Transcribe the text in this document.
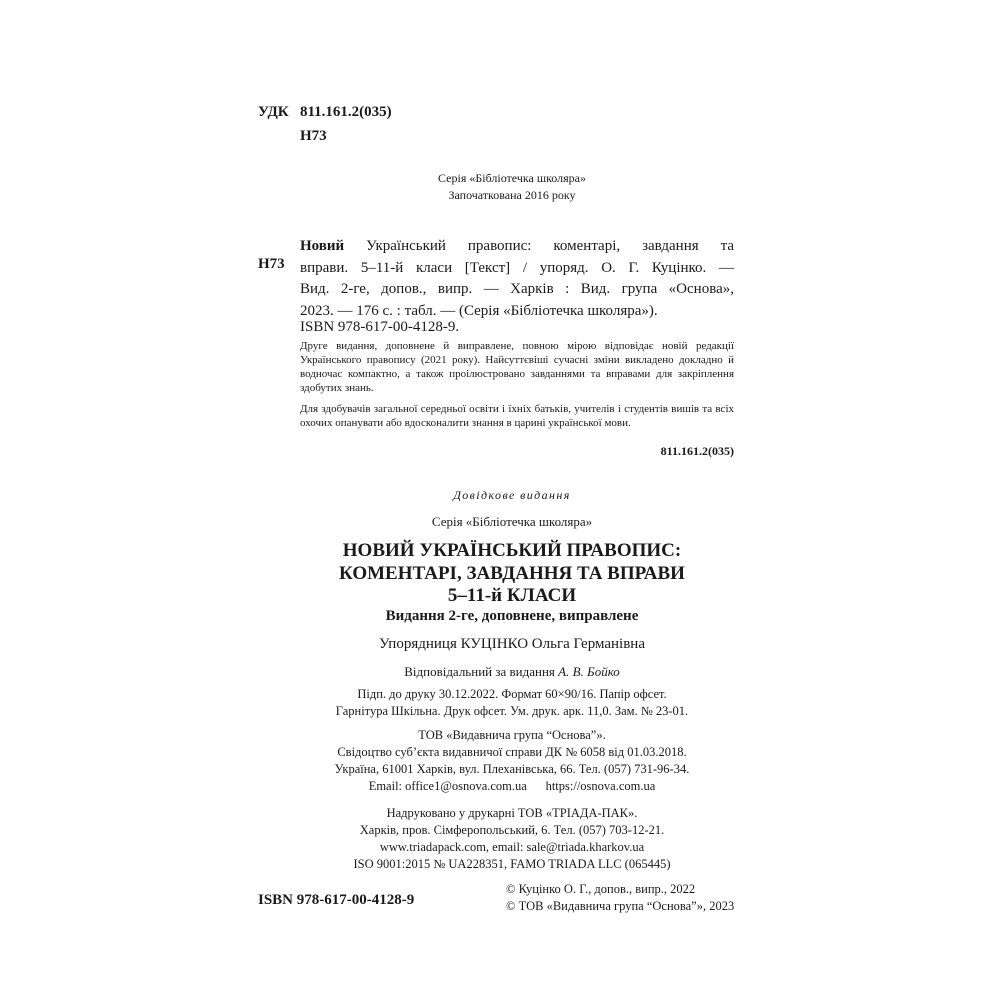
УДК 811.161.2(035)
Н73
Серія «Бібліотечка школяра»
Започаткована 2016 року
Н73
Новий Український правопис: коментарі, завдання та
вправи. 5–11-й класи [Текст] / упоряд. О. Г. Куцінко. —
Вид. 2-ге, допов., випр. — Харків : Вид. група «Основа»,
2023. — 176 с. : табл. — (Серія «Бібліотечка школяра»).
ISBN 978-617-00-4128-9.

Друге видання, доповнене й виправлене, повною мірою відповідає новій редакції Українського правопису (2021 року). Найсуттєвіші сучасні зміни викладено докладно й водночас компактно, а також проілюстровано завданнями та вправами для закріплення здобутих знань.

Для здобувачів загальної середньої освіти і їхніх батьків, учителів і студентів вишів та всіх охочих опанувати або вдосконалити знання в царині української мови.

811.161.2(035)
Довідкове видання
Серія «Бібліотечка школяра»
НОВИЙ УКРАЇНСЬКИЙ ПРАВОПИС:
КОМЕНТАРІ, ЗАВДАННЯ ТА ВПРАВИ
5–11-й КЛАСИ
Видання 2-ге, доповнене, виправлене
Упорядниця КУЦІНКО Ольга Германівна
Відповідальний за видання А. В. Бойко
Підп. до друку 30.12.2022. Формат 60×90/16. Папір офсет.
Гарнітура Шкільна. Друк офсет. Ум. друк. арк. 11,0. Зам. № 23-01.
ТОВ «Видавнича група “Основа”».
Свідоцтво суб’єкта видавничої справи ДК № 6058 від 01.03.2018.
Україна, 61001 Харків, вул. Плеханівська, 66. Тел. (057) 731-96-34.
Email: office1@osnova.com.ua      https://osnova.com.ua
Надруковано у друкарні ТОВ «ТРІАДА-ПАК».
Харків, пров. Сімферопольський, 6. Тел. (057) 703-12-21.
www.triadapack.com, email: sale@triada.kharkov.ua
ISO 9001:2015 № UA228351, FAMO TRIADA LLC (065445)
ISBN 978-617-00-4128-9
© Куцінко О. Г., допов., випр., 2022
© ТОВ «Видавнича група “Основа”», 2023
